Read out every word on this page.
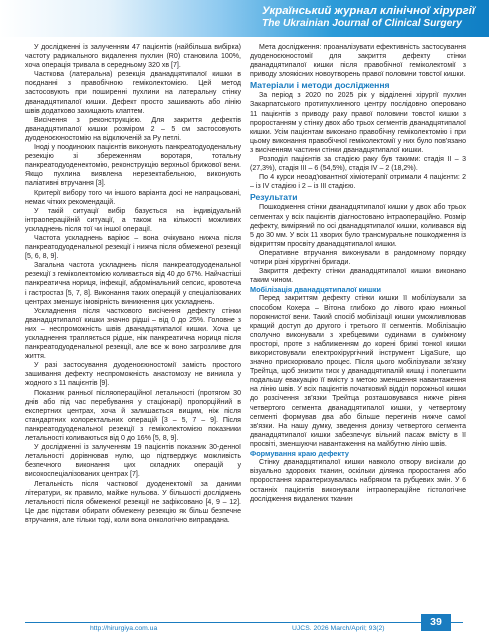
Український журнал клінічної хірургії
The Ukrainian Journal of Clinical Surgery

У дослідженні із залученням 47 пацієнтів (найбільша вибірка) частоту радикального видалення пухлин (R0) становила 100%, хоча операція тривала в середньому 320 хв [7].

Часткова (латеральна) резекція дванадцятипалої кишки в поєднанні з правобічною геміколектомією. Цей метод застосовують при поширенні пухлини на латеральну стінку дванадцятипалої кишки. Дефект просто зашивають або лінію швів додатково захищають клаптем.

Висічення з реконструкцією. Для закриття дефектів дванадцятипалої кишки розміром 2 – 5 см застосовують дуоденоєюностомію на відключеній за Ру петлі.

Іноді у поодиноких пацієнтів виконують панкреатодуоденальну резекцію зі збереженням воротаря, тотальну панкреатодуоденектомію, реконструкцію верхньої брижової вени. Якщо пухлина виявлена нерезектабельною, виконують паліативні втручання [3].

Критерії вибору того чи іншого варіанта досі не напрацьовані, немає чітких рекомендацій.

У такій ситуації вибір базується на індивідуальній інтраопераційній ситуації, а також на кількості можливих ускладнень після тої чи іншої операції.

Частота ускладнень варіює – вона очікувано нижча після панкреатодуоденальної резекції і нижча після обмеженої резекції [5, 6, 8, 9].

Загальна частота ускладнень після панкреатодуоденальної резекції з геміколектомією коливається від 40 до 67%. Найчастіші панкреатична нориця, інфекції, абдомінальний сепсис, кровотеча і гастростаз [5, 7, 8]. Виконання таких операцій у спеціалізованих центрах зменшує імовірність виникнення цих ускладнень.

Ускладнення після часткового висічення дефекту стінки дванадцятипалої кишки значно рідші – від 0 до 25%. Головне з них – неспроможність швів дванадцятипалої кишки. Хоча це ускладнення трапляється рідше, ніж панкреатична нориця після панкреатодуоденальної резекції, але все ж воно загрозливе для життя.

У разі застосування дуоденоєюностомії замість простого зашивання дефекту неспроможність анастомозу не виникла у жодного з 11 пацієнтів [9].

Показник ранньої післяопераційної летальності (протягом 30 днів або під час перебування у стаціонарі) пропорційний в експертних центрах, хоча й залишається вищим, ніж після стандартних колоректальних операцій [3 – 5, 7 – 9]. Після панкреатодуоденальної резекції з геміколектомією показники летальності коливаються від 0 до 16% [5, 8, 9].

У дослідженні із залученням 19 пацієнтів показник 30-денної летальності дорівнював нулю, що підтверджує можливість безпечного виконання цих складних операцій у високоспеціалізованих центрах [7].

Летальність після часткової дуоденектомії за даними літератури, як правило, майже нульова. У більшості досліджень летальності після обмеженої резекції не зафіксовано [4, 9 – 12]. Це дає підстави обирати обмежену резекцію як більш безпечне втручання, але тільки тоді, коли вона онкологічно виправдана.

Мета дослідження: проаналізувати ефективність застосування дуоденоєюностомії для закриття дефекту стінки дванадцятипалої кишки після правобічної геміколектомії з приводу злоякісних новоутворень правої половини товстої кишки.

Матеріали і методи дослідження

За період з 2020 по 2025 рік у відділенні хірургії пухлин Закарпатського протипухлинного центру послідовно оперовано 11 пацієнтів з приводу раку правої половини товстої кишки з проростанням у стінку двох або трьох сегментів дванадцятипалої кишки. Усім пацієнтам виконано правобічну геміколектомію і при цьому виконання правобічної геміколектомії у них було пов'язано з висіченням частини стінки дванадцятипалої кишки.

Розподіл пацієнтів за стадією раку був такими: стадія II – 3 (27,3%), стадія III – 6 (54,5%), стадія IV – 2 (18,2%).

По 4 курси неоад'ювантної хіміотерапії отримали 4 пацієнти: 2 – із IV стадією і 2 – із III стадією.

Результати

Пошкодження стінки дванадцятипалої кишки у двох або трьох сегментах у всіх пацієнтів діагностовано інтраопераційно. Розмір дефекту, виміряний по осі дванадцятипалої кишки, коливався від 5 до 30 мм. У всіх 11 хворих було трансмуральне пошкодження із відкриттям просвіту дванадцятипалої кишки.

Оперативне втручання виконували в рандомному порядку чотири різні хірургічні бригади.

Закриття дефекту стінки дванадцятипалої кишки виконано таким чином.

Мобілізація дванадцятипалої кишки

Перед закриттям дефекту стінки кишки її мобілізували за способом Кохера – Вітона глибоко до лівого краю нижньої порожнистої вени. Такий спосіб мобілізації кишки уможливлював кращий доступ до другого і третього її сегментів. Мобілізацію сполучно виконували з хребцевими судинами в суміжному просторі, проте з наближенням до корені брижі тонкої кишки використовували електрохірургічний інструмент LigaSure, що значно прискорювало процес. Після цього мобілізували зв'язку Трейтца, щоб знизити тиск у дванадцятипалій кишці і полегшити подальшу евакуацію її вмісту з метою зменшення навантаження на лінію швів. У всіх пацієнтів початковий відділ порожньої кишки до розсічення зв'язки Трейтца розташовувався нижче рівня четвертого сегмента дванадцятипалої кишки, у четвертому сегменті формував два або більше перегинів нижче самої зв'язки. На нашу думку, зведення донизу четвертого сегмента дванадцятипалої кишки забезпечує вільний пасаж вмісту в її просвіті, зменшуючи навантаження на майбутню лінію швів.

Формування краю дефекту

Стінку дванадцятипалої кишки навколо отвору висікали до візуально здорових тканин, оскільки ділянка проростання або проростання характеризувалась набряком та рубцевих змін. У 6 останніх пацієнтів виконували інтраопераційне гістологічне дослідження видалених тканин

http://hirurgiya.com.ua	UJCS. 2026 March/April; 93(2)
39
